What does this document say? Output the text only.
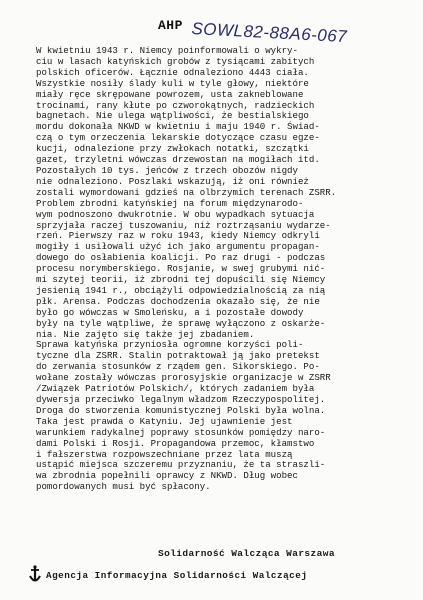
AHP SOWL82-88A6-067

W kwietniu 1943 r. Niemcy poinformowali o wykry-
ciu w lasach katyńskich grobów z tysiącami zabitych
polskich oficerów. Łącznie odnaleziono 4443 ciała.
Wszystkie nosiły ślady kuli w tyle głowy, niektóre
miały ręce skrępowane powrozem, usta zakneblowane
trocinami, rany kłute po czworokątnych, radzieckich
bagnetach. Nie ulega wątpliwości, że bestialskiego
mordu dokonała NKWD w kwietniu i maju 1940 r. Świad-
czą o tym orzeczenia lekarskie dotyczące czasu egze-
kucji, odnalezione przy zwłokach notatki, szczątki
gazet, trzyletni wówczas drzewostan na mogiłach itd.

Pozostałych 10 tys. jeńców z trzech obozów nigdy
nie odnaleziono. Poszlaki wskazują, iż oni również
zostali wymordowani gdzieś na olbrzymich terenach ZSRR.

Problem zbrodni katyńskiej na forum międzynarodo-
wym podnoszono dwukrotnie. W obu wypadkach sytuacja
sprzyjała raczej tuszowaniu, niż roztrząsaniu wydarze-
rzeń. Pierwszy raz w roku 1943, kiedy Niemcy odkryli
mogiły i usiłowali użyć ich jako argumentu propagan-
dowego do osłabienia koalicji. Po raz drugi - podczas
procesu norymberskiego. Rosjanie, w swej grubymi nić-
mi szytej teorii, iż zbrodni tej dopuścili się Niemcy
jesienią 1941 r., obciążyli odpowiedzialnością za nią
płk. Arensa. Podczas dochodzenia okazało się, że nie
było go wówczas w Smoleńsku, a i pozostałe dowody
były na tyle wątpliwe, że sprawę wyłączono z oskarże-
nia. Nie zajęto się także jej zbadaniem.

Sprawa katyńska przyniosła ogromne korzyści poli-
tyczne dla ZSRR. Stalin potraktował ją jako pretekst
do zerwania stosunków z rządem gen. Sikorskiego. Po-
wołane zostały wówczas prorosyjskie organizacje w ZSRR
/Związek Patriotów Polskich/, których zadaniem była
dywersja przeciwko legalnym władzom Rzeczypospolitej.
Droga do stworzenia komunistycznej Polski była wolna.

Taka jest prawda o Katyniu. Jej ujawnienie jest
warunkiem radykalnej poprawy stosunków pomiędzy naro-
dami Polski i Rosji. Propagandowa przemoc, kłamstwo
i fałszerstwa rozpowszechniane przez lata muszą
ustąpić miejsca szczeremu przyznaniu, że ta straszli-
wa zbrodnia popełnili oprawcy z NKWD. Dług wobec
pomordowanych musi być spłacony.

Solidarność Walcząca Warszawa
Agencja Informacyjna Solidarności Walczącej
